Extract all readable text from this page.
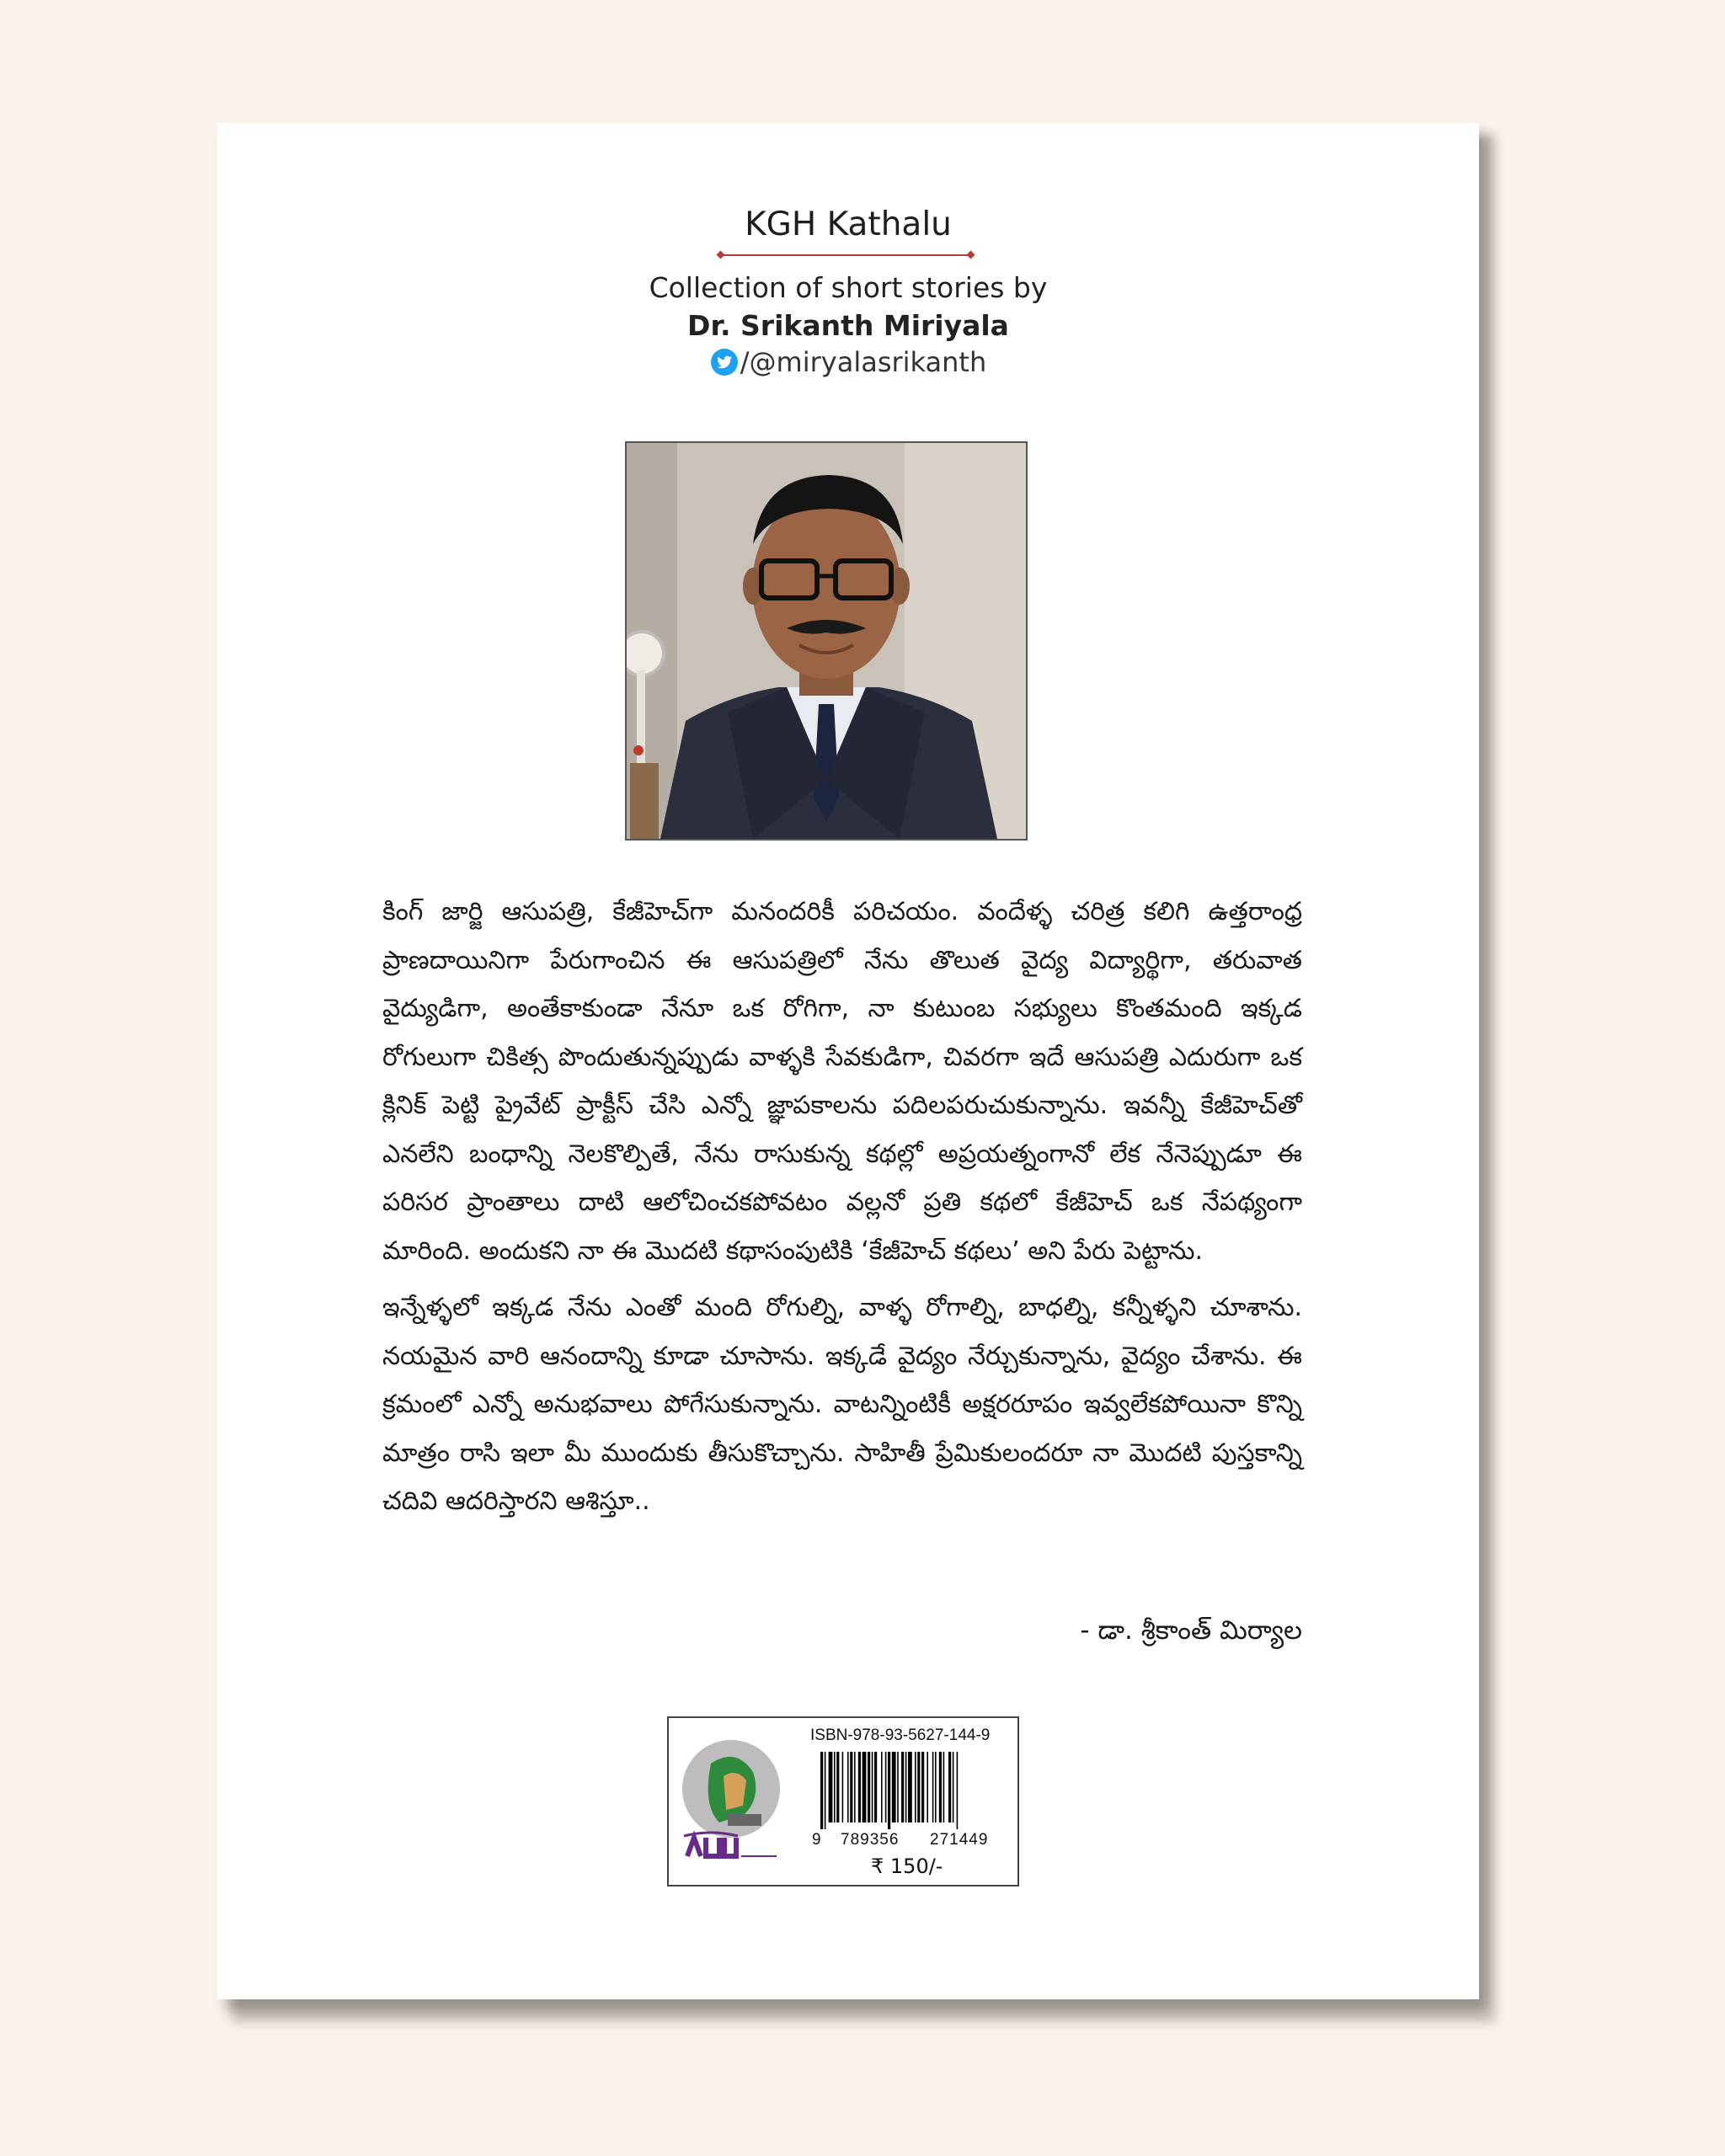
KGH Kathalu
Collection of short stories by
Dr. Srikanth Miriyala
/@miryalasrikanth

కింగ్ జార్జి ఆసుపత్రి, కేజీహెచ్‌గా మనందరికీ పరిచయం. వందేళ్ళ చరిత్ర కలిగి ఉత్తరాంధ్ర ప్రాణదాయినిగా పేరుగాంచిన ఈ ఆసుపత్రిలో నేను తొలుత వైద్య విద్యార్థిగా, తరువాత వైద్యుడిగా, అంతేకాకుండా నేనూ ఒక రోగిగా, నా కుటుంబ సభ్యులు కొంతమంది ఇక్కడ రోగులుగా చికిత్స పొందుతున్నప్పుడు వాళ్ళకి సేవకుడిగా, చివరగా ఇదే ఆసుపత్రి ఎదురుగా ఒక క్లినిక్ పెట్టి ప్రైవేట్ ప్రాక్టీస్ చేసి ఎన్నో జ్ఞాపకాలను పదిలపరుచుకున్నాను. ఇవన్నీ కేజీహెచ్‌తో ఎనలేని బంధాన్ని నెలకొల్పితే, నేను రాసుకున్న కథల్లో అప్రయత్నంగానో లేక నేనెప్పుడూ ఈ పరిసర ప్రాంతాలు దాటి ఆలోచించకపోవటం వల్లనో ప్రతి కథలో కేజీహెచ్ ఒక నేపథ్యంగా మారింది. అందుకని నా ఈ మొదటి కథాసంపుటికి ‘కేజీహెచ్ కథలు’ అని పేరు పెట్టాను.

ఇన్నేళ్ళలో ఇక్కడ నేను ఎంతో మంది రోగుల్ని, వాళ్ళ రోగాల్ని, బాధల్ని, కన్నీళ్ళని చూశాను. నయమైన వారి ఆనందాన్ని కూడా చూసాను. ఇక్కడే వైద్యం నేర్చుకున్నాను, వైద్యం చేశాను. ఈ క్రమంలో ఎన్నో అనుభవాలు పోగేసుకున్నాను. వాటన్నింటికీ అక్షరరూపం ఇవ్వలేకపోయినా కొన్ని మాత్రం రాసి ఇలా మీ ముందుకు తీసుకొచ్చాను. సాహితీ ప్రేమికులందరూ నా మొదటి పుస్తకాన్ని చదివి ఆదరిస్తారని ఆశిస్తూ..

- డా. శ్రీకాంత్ మిర్యాల
ISBN-978-93-5627-144-9
9 789356 271449
₹ 150/-
